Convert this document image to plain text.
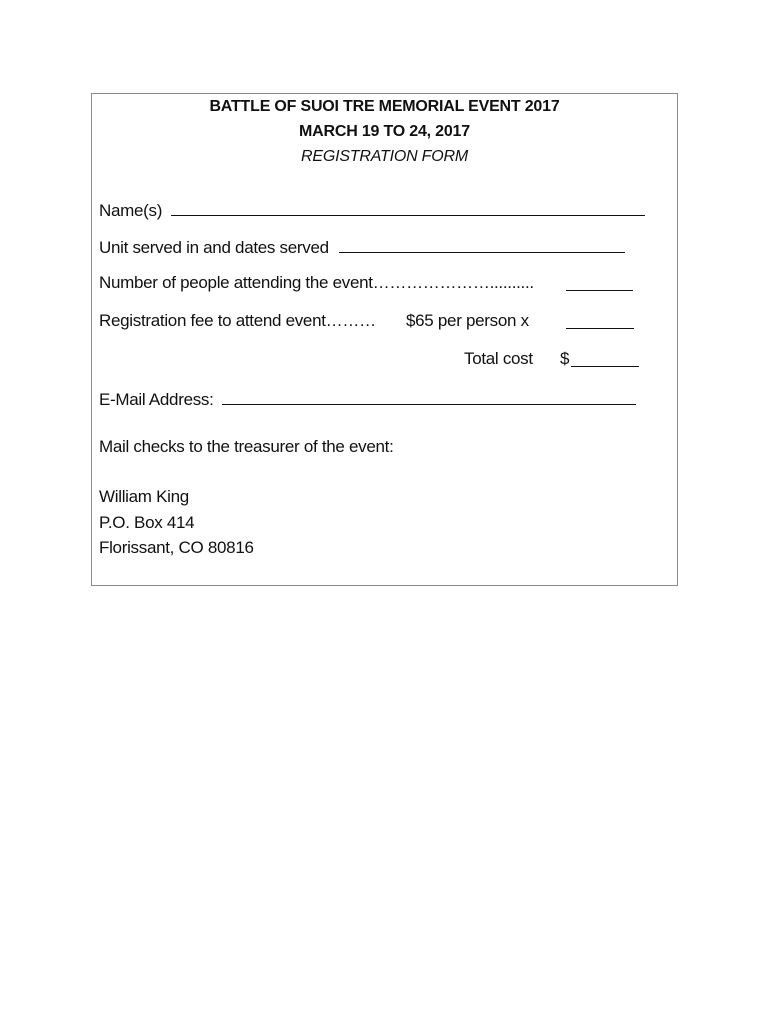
BATTLE OF SUOI TRE MEMORIAL EVENT 2017
MARCH 19 TO 24, 2017
REGISTRATION FORM
Name(s)
Unit served in and dates served
Number of people attending the event…………………..........
Registration fee to attend event……… $65 per person x
Total cost $
E-Mail Address:
Mail checks to the treasurer of the event:
William King
P.O. Box 414
Florissant, CO 80816
